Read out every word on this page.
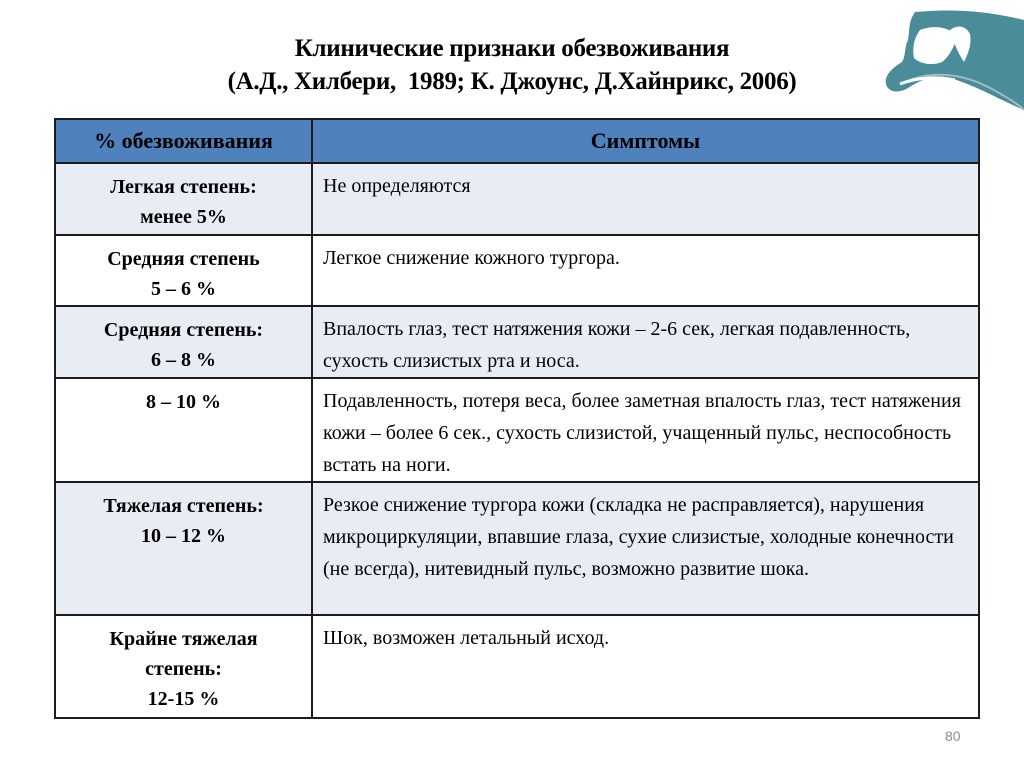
Клинические признаки обезвоживания
(А.Д., Хилбери,  1989; К. Джоунс, Д.Хайнрикс, 2006)
% обезвоживания	Симптомы

Легкая степень:
менее 5%	Не определяются

Средняя степень
5 – 6 %	Легкое снижение кожного тургора.

Средняя степень:
6 – 8 %	Впалость глаз, тест натяжения кожи – 2-6 сек, легкая подавленность, сухость слизистых рта и носа.

8 – 10 %	Подавленность, потеря веса, более заметная впалость глаз, тест натяжения кожи – более 6 сек., сухость слизистой, учащенный пульс, неспособность встать на ноги.

Тяжелая степень:
10 – 12 %	Резкое снижение тургора кожи (складка не расправляется), нарушения микроциркуляции, впавшие глаза, сухие слизистые, холодные конечности (не всегда), нитевидный пульс, возможно развитие шока.

Крайне тяжелая
степень:
12-15 %	Шок, возможен летальный исход.
80
